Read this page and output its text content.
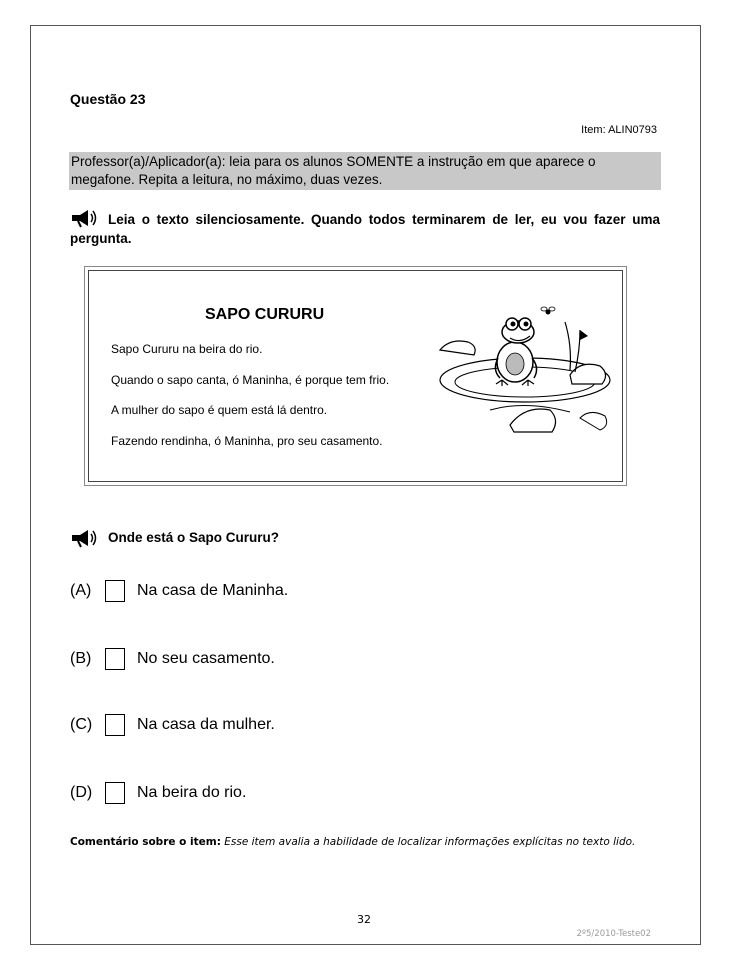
Questão 23
Item: ALIN0793
Professor(a)/Aplicador(a): leia para os alunos SOMENTE a instrução em que aparece o megafone. Repita a leitura, no máximo, duas vezes.
Leia o texto silenciosamente. Quando todos terminarem de ler, eu vou fazer uma pergunta.
SAPO CURURU
Sapo Cururu na beira do rio.
Quando o sapo canta, ó Maninha, é porque tem frio.
A mulher do sapo é quem está lá dentro.
Fazendo rendinha, ó Maninha, pro seu casamento.
Onde está o Sapo Cururu?
(A)	Na casa de Maninha.
(B)	No seu casamento.
(C)	Na casa da mulher.
(D)	Na beira do rio.
Comentário sobre o item: Esse item avalia a habilidade de localizar informações explícitas no texto lido.
32
2º5/2010-Teste02
